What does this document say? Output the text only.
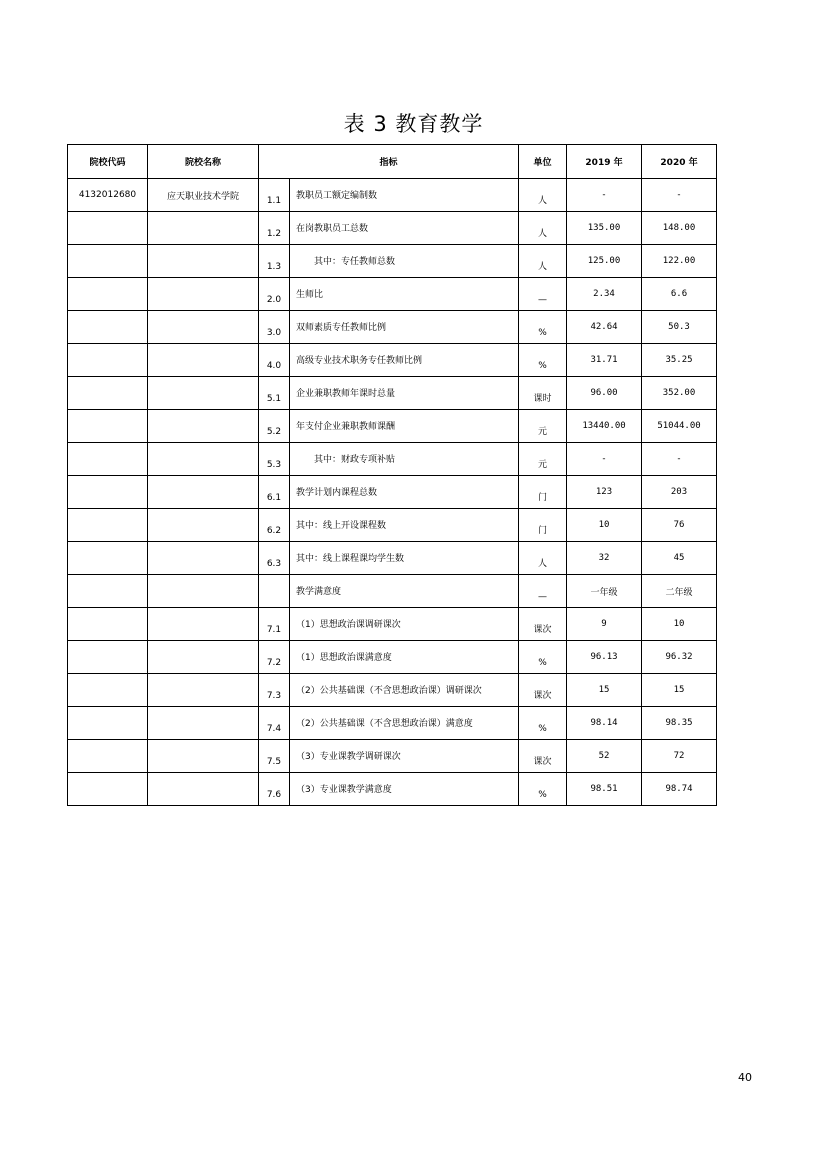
表 3 教育教学
院校代码	院校名称	指标		单位	2019 年	2020 年
4132012680	应天职业技术学院	1.1	教职员工额定编制数	人	-	-
		1.2	在岗教职员工总数	人	135.00	148.00
		1.3	其中：专任教师总数	人	125.00	122.00
		2.0	生师比	—	2.34	6.6
		3.0	双师素质专任教师比例	%	42.64	50.3
		4.0	高级专业技术职务专任教师比例	%	31.71	35.25
		5.1	企业兼职教师年课时总量	课时	96.00	352.00
		5.2	年支付企业兼职教师课酬	元	13440.00	51044.00
		5.3	其中：财政专项补贴	元	-	-
		6.1	教学计划内课程总数	门	123	203
		6.2	其中：线上开设课程数	门	10	76
		6.3	其中：线上课程课均学生数	人	32	45
			教学满意度	—	一年级	二年级
		7.1	（1）思想政治课调研课次	课次	9	10
		7.2	（1）思想政治课满意度	%	96.13	96.32
		7.3	（2）公共基础课（不含思想政治课）调研课次	课次	15	15
		7.4	（2）公共基础课（不含思想政治课）满意度	%	98.14	98.35
		7.5	（3）专业课教学调研课次	课次	52	72
		7.6	（3）专业课教学满意度	%	98.51	98.74
40
